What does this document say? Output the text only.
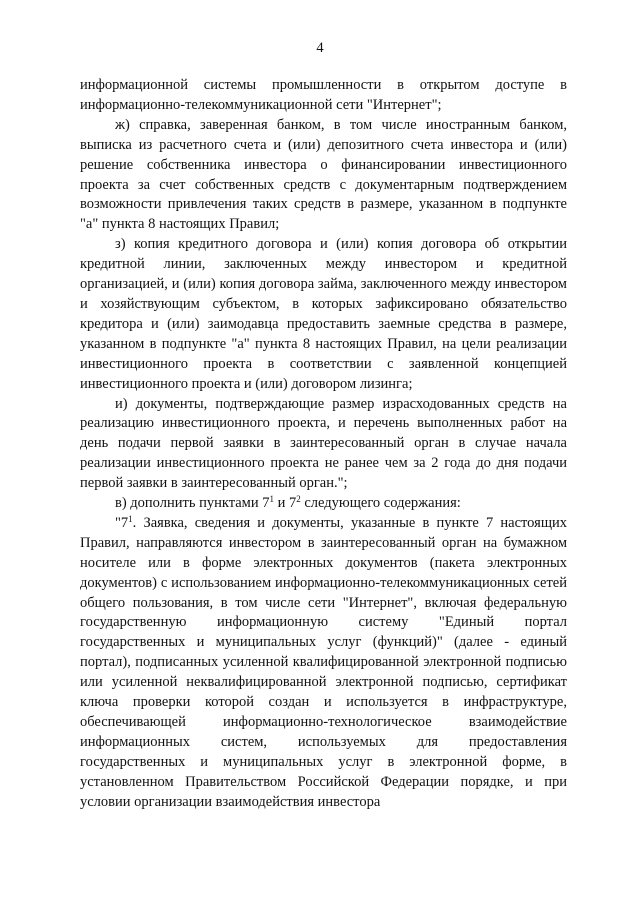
4

информационной системы промышленности в открытом доступе в информационно-телекоммуникационной сети "Интернет";

ж) справка, заверенная банком, в том числе иностранным банком, выписка из расчетного счета и (или) депозитного счета инвестора и (или) решение собственника инвестора о финансировании инвестиционного проекта за счет собственных средств с документарным подтверждением возможности привлечения таких средств в размере, указанном в подпункте "а" пункта 8 настоящих Правил;

з) копия кредитного договора и (или) копия договора об открытии кредитной линии, заключенных между инвестором и кредитной организацией, и (или) копия договора займа, заключенного между инвестором и хозяйствующим субъектом, в которых зафиксировано обязательство кредитора и (или) заимодавца предоставить заемные средства в размере, указанном в подпункте "а" пункта 8 настоящих Правил, на цели реализации инвестиционного проекта в соответствии с заявленной концепцией инвестиционного проекта и (или) договором лизинга;

и) документы, подтверждающие размер израсходованных средств на реализацию инвестиционного проекта, и перечень выполненных работ на день подачи первой заявки в заинтересованный орган в случае начала реализации инвестиционного проекта не ранее чем за 2 года до дня подачи первой заявки в заинтересованный орган.";

в) дополнить пунктами $7^1$ и $7^2$ следующего содержания:

"$7^1$. Заявка, сведения и документы, указанные в пункте 7 настоящих Правил, направляются инвестором в заинтересованный орган на бумажном носителе или в форме электронных документов (пакета электронных документов) с использованием информационно-телекоммуникационных сетей общего пользования, в том числе сети "Интернет", включая федеральную государственную информационную систему "Единый портал государственных и муниципальных услуг (функций)" (далее - единый портал), подписанных усиленной квалифицированной электронной подписью или усиленной неквалифицированной электронной подписью, сертификат ключа проверки которой создан и используется в инфраструктуре, обеспечивающей информационно-технологическое взаимодействие информационных систем, используемых для предоставления государственных и муниципальных услуг в электронной форме, в установленном Правительством Российской Федерации порядке, и при условии организации взаимодействия инвестора
